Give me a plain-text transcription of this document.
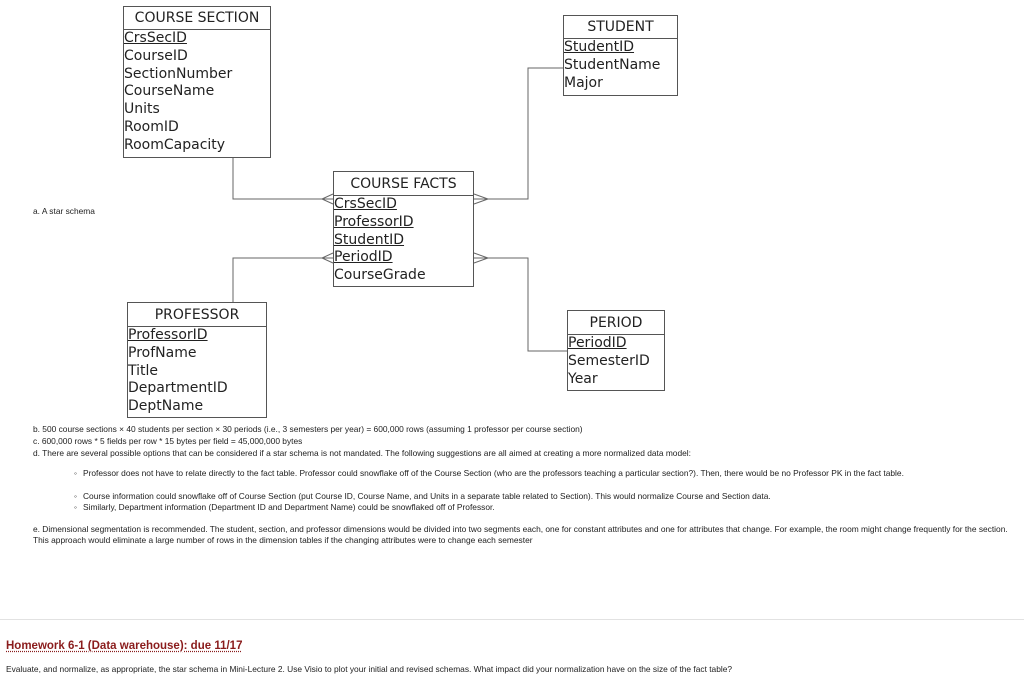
COURSE SECTION
CrsSecID
CourseID
SectionNumber
CourseName
Units
RoomID
RoomCapacity
STUDENT
StudentID
StudentName
Major
COURSE FACTS
CrsSecID
ProfessorID
StudentID
PeriodID
CourseGrade
PROFESSOR
ProfessorID
ProfName
Title
DepartmentID
DeptName
PERIOD
PeriodID
SemesterID
Year
a. A star schema
b. 500 course sections × 40 students per section × 30 periods (i.e., 3 semesters per year) = 600,000 rows (assuming 1 professor per course section)
c. 600,000 rows * 5 fields per row * 15 bytes per field = 45,000,000 bytes
d. There are several possible options that can be considered if a star schema is not mandated. The following suggestions are all aimed at creating a more normalized data model:
◦ Professor does not have to relate directly to the fact table. Professor could snowflake off of the Course Section (who are the professors teaching a particular section?). Then, there would be no Professor PK in the fact table.
◦ Course information could snowflake off of Course Section (put Course ID, Course Name, and Units in a separate table related to Section). This would normalize Course and Section data.
◦ Similarly, Department information (Department ID and Department Name) could be snowflaked off of Professor.
e. Dimensional segmentation is recommended. The student, section, and professor dimensions would be divided into two segments each, one for constant attributes and one for attributes that change. For example, the room might change frequently for the section. This approach would eliminate a large number of rows in the dimension tables if the changing attributes were to change each semester
Homework 6-1 (Data warehouse): due 11/17
Evaluate, and normalize, as appropriate, the star schema in Mini-Lecture 2. Use Visio to plot your initial and revised schemas. What impact did your normalization have on the size of the fact table?
